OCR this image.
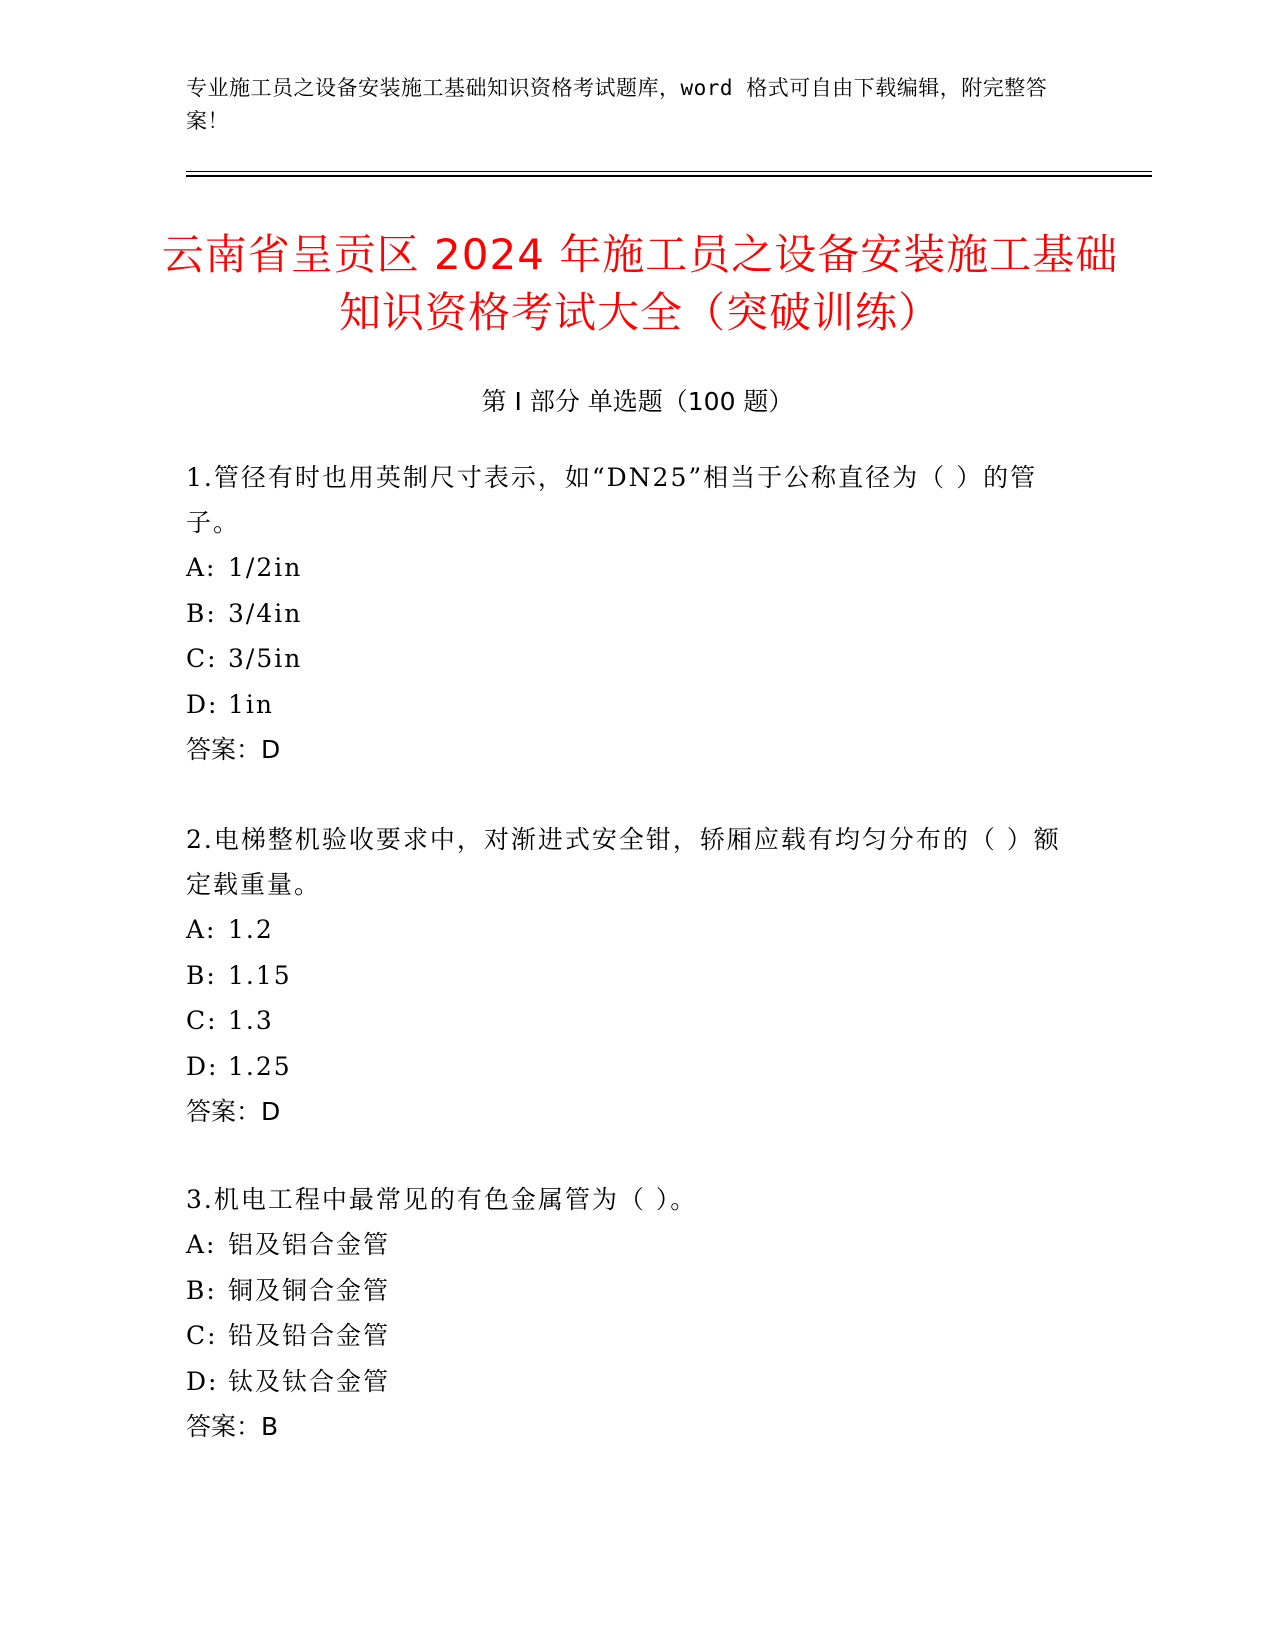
专业施工员之设备安装施工基础知识资格考试题库，word 格式可自由下载编辑，附完整答案！
云南省呈贡区 2024 年施工员之设备安装施工基础知识资格考试大全（突破训练）
第 I 部分 单选题（100 题）
1.管径有时也用英制尺寸表示，如“DN25”相当于公称直径为（ ）的管子。
A: 1/2in
B: 3/4in
C: 3/5in
D: 1in
答案：D
2.电梯整机验收要求中，对渐进式安全钳，轿厢应载有均匀分布的（ ）额定载重量。
A: 1.2
B: 1.15
C: 1.3
D: 1.25
答案：D
3.机电工程中最常见的有色金属管为（ ）。
A: 铝及铝合金管
B: 铜及铜合金管
C: 铅及铅合金管
D: 钛及钛合金管
答案：B
